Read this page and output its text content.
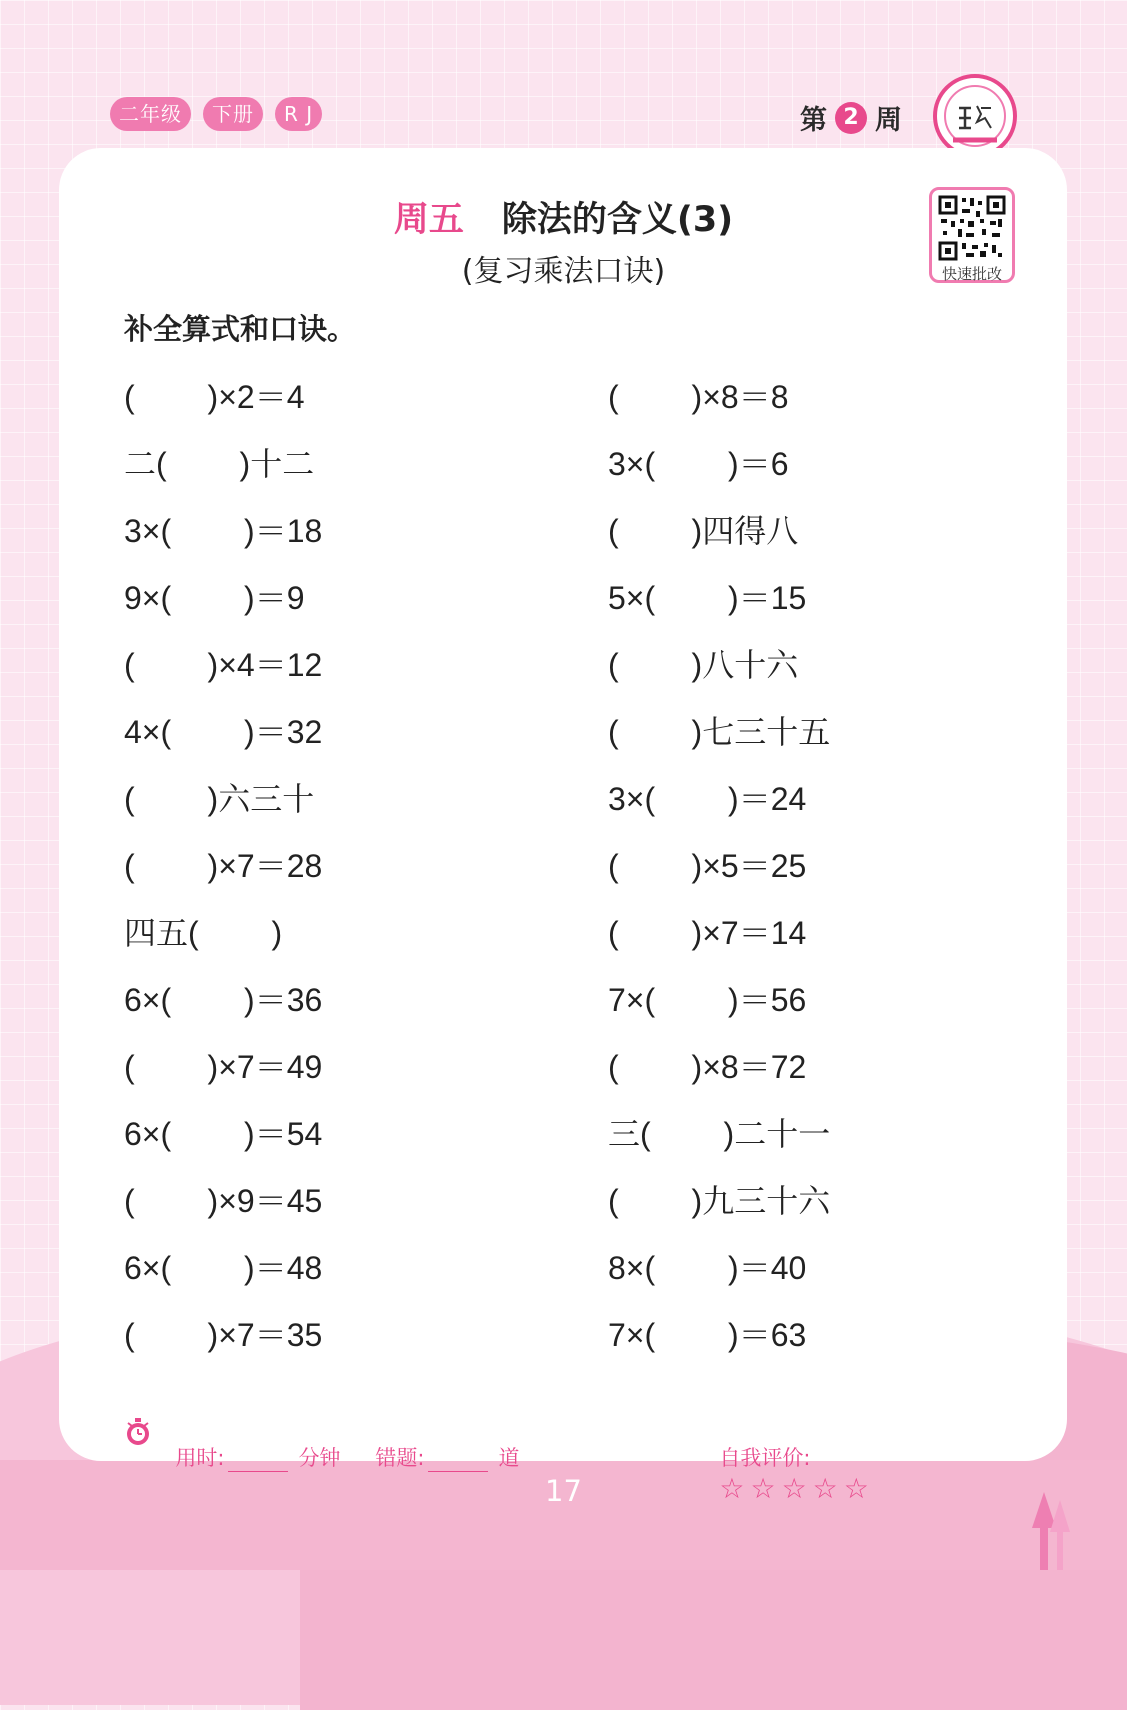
二年级	下册	R J	第 2 周
周五 除法的含义(3)
(复习乘法口诀)	快速批改
补全算式和口诀。
(　　 )×2＝4
二(　　 )十二
3×(　　 )＝18
9×(　　 )＝9
(　　 )×4＝12
4×(　　 )＝32
(　　 )六三十
(　　 )×7＝28
四五(　　 )
6×(　　 )＝36
(　　 )×7＝49
6×(　　 )＝54
(　　 )×9＝45
6×(　　 )＝48
(　　 )×7＝35
(　　 )×8＝8
3×(　　 )＝6
(　　 )四得八
5×(　　 )＝15
(　　 )八十六
(　　 )七三十五
3×(　　 )＝24
(　　 )×5＝25
(　　 )×7＝14
7×(　　 )＝56
(　　 )×8＝72
三(　　 )二十一
(　　 )九三十六
8×(　　 )＝40
7×(　　 )＝63

用时:	分钟	错题:	道	自我评价:
☆☆☆☆☆

17
